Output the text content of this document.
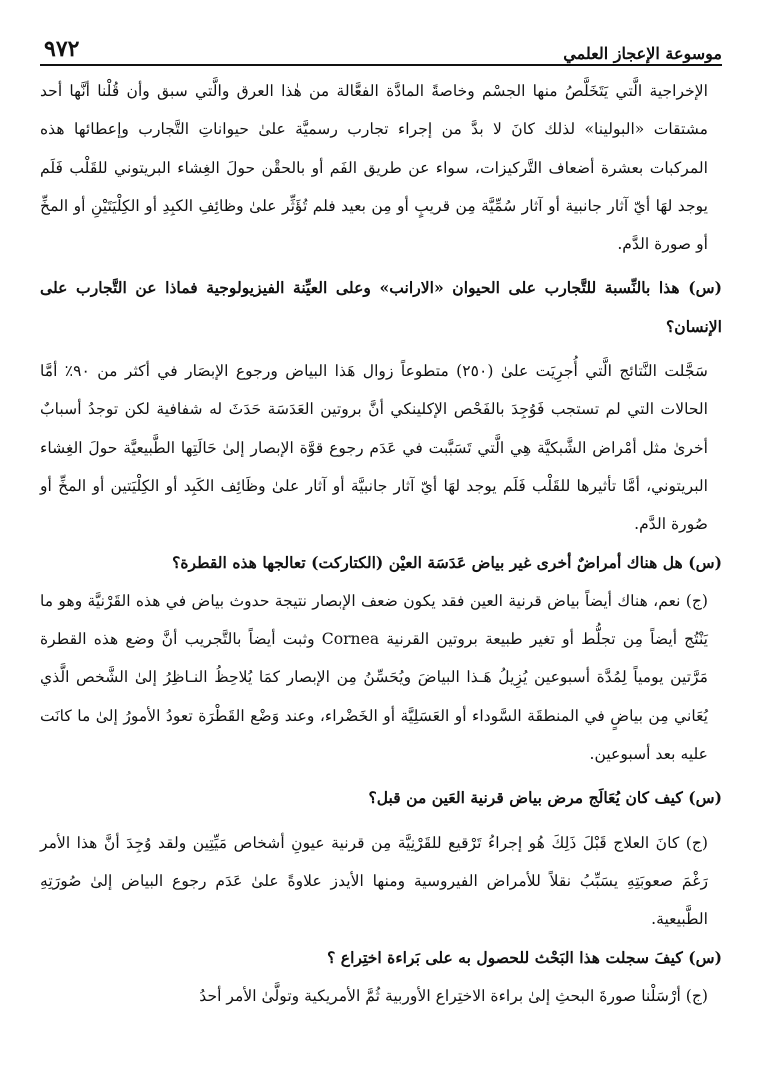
موسوعة الإعجاز العلمي
٩٧٢

الإخراجية الَّتي يَتَخَلَّصُ منها الجسْم وخاصةً المادَّة الفعَّالة من هٰذا العرق والَّتي سبق وأن قُلْنا أنَّها أحد مشتقات «البولينا» لذلك كانَ لا بدَّ من إجراء تجارب رسميَّة علىٰ حيواناتِ التَّجارب وإعطائها هذه المركبات بعشرة أضعاف التَّركيزات، سواء عن طريق الفَم أو بالحقْن حولَ الغِشاء البريتوني للقَلْب فَلَم يوجد لهَا أيّ آثار جانبية أو آثار سُمِّيَّة مِن قريبٍ أو مِن بعيد فلم تُؤَثِّر علىٰ وظائِفِ الكبِدِ أو الكِلْيَتَيْنِ أو المخِّ أو صورة الدَّم.

(س) هذا بالنِّسبة للتَّجارب على الحيوان «الارانب» وعلى العيِّنة الفيزيولوجية فماذا عن التَّجارب على الإنسان؟

سَجَّلت النَّتائج الَّتي أُجرِيَت علىٰ (٢٥٠) متطوعاً زوال هَذا البياض ورجوع الإبصَار في أكثر من ٩٠٪ أمَّا الحالات التي لم تستجب فَوُجِدَ بالفَحْص الإكلينكي أنَّ بروتين العَدَسَة حَدَثَ له شفافية لكن توجدُ أسبابٌ أخرىٰ مثل أمْراض الشَّبكيَّة هِي الَّتي تَسَبَّبت في عَدَم رجوع قوَّة الإبصار إلىٰ حَالَتِها الطَّبيعيَّة حولَ الغِشاء البريتوني، أمَّا تأثيرها للقَلْب فَلَم يوجد لهَا أيّ آثار جانبيَّة أو آثار علىٰ وظَائِف الكَبِد أو الكِلْيَتين أو المخِّ أو صُورة الدَّم.

(س) هل هناك أمراضٌ أخرى غير بياض عَدَسَة العيْن (الكتاركت) تعالجها هذه القطرة؟

(ج) نعم، هناك أيضاً بياض قرنية العين فقد يكون ضعف الإبصار نتيجة حدوث بياض في هذه القَرْنيَّة وهو ما يَنْتُج أيضاً مِن تجلُّط أو تغير طبيعة بروتين القرنية Cornea وثبت أيضاً بالتَّجريب أنَّ وضع هذه القطرة مَرَّتين يومياً لِمُدَّة أسبوعين يُزِيلُ هَـذا البياضَ ويُحَسِّنُ مِن الإبصار كمَا يُلاحِظُ النـاظِرُ إلىٰ الشَّخص الَّذي يُعَاني مِن بياضٍ في المنطقَة السَّوداء أو العَسَلِيَّة أو الخَضْراء، وعند وَضْع القَطْرَة تعودُ الأمورُ إلىٰ ما كانَت عليه بعد أسبوعين.

(س) كيف كان يُعَالَج مرض بياض قرنية العَين من قبل؟

(ج) كانَ العلاج قَبْلَ ذَلِكَ هُو إجراءُ تَرْقيع للقَرْنِيَّة مِن قرنية عيونِ أشخاص مَيِّتِين ولقد وُجِدَ أنَّ هذا الأمر رَغْمَ صعوبَتِهِ يسَبِّبُ نقلاً للأمراض الفيروسية ومنها الأيدز علاوةً علىٰ عَدَم رجوع البياض إلىٰ صُورَتِهِ الطَّبيعية.

(س) كيفَ سجلت هذا البَحْث للحصول به على بَراءة اختِراع ؟

(ج) أرْسَلْنا صورةَ البحثِ إلىٰ براءة الاختِراع الأوربية ثُمَّ الأمريكية وتولَّىٰ الأمر أحدُ
